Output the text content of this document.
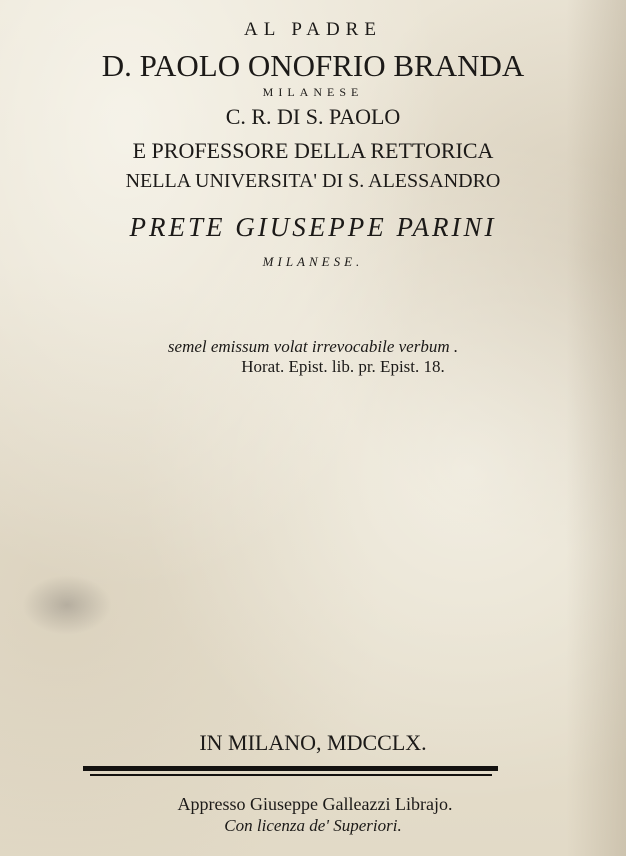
AL PADRE
D. PAOLO ONOFRIO BRANDA
MILANESE
C. R. DI S. PAOLO
E PROFESSORE DELLA RETTORICA
NELLA UNIVERSITA' DI S. ALESSANDRO
PRETE GIUSEPPE PARINI
MILANESE.
semel emissum volat irrevocabile verbum .
Horat. Epist. lib. pr. Epist. 18.
IN MILANO, MDCCLX.
Appresso Giuseppe Galleazzi Librajo.
Con licenza de' Superiori.
